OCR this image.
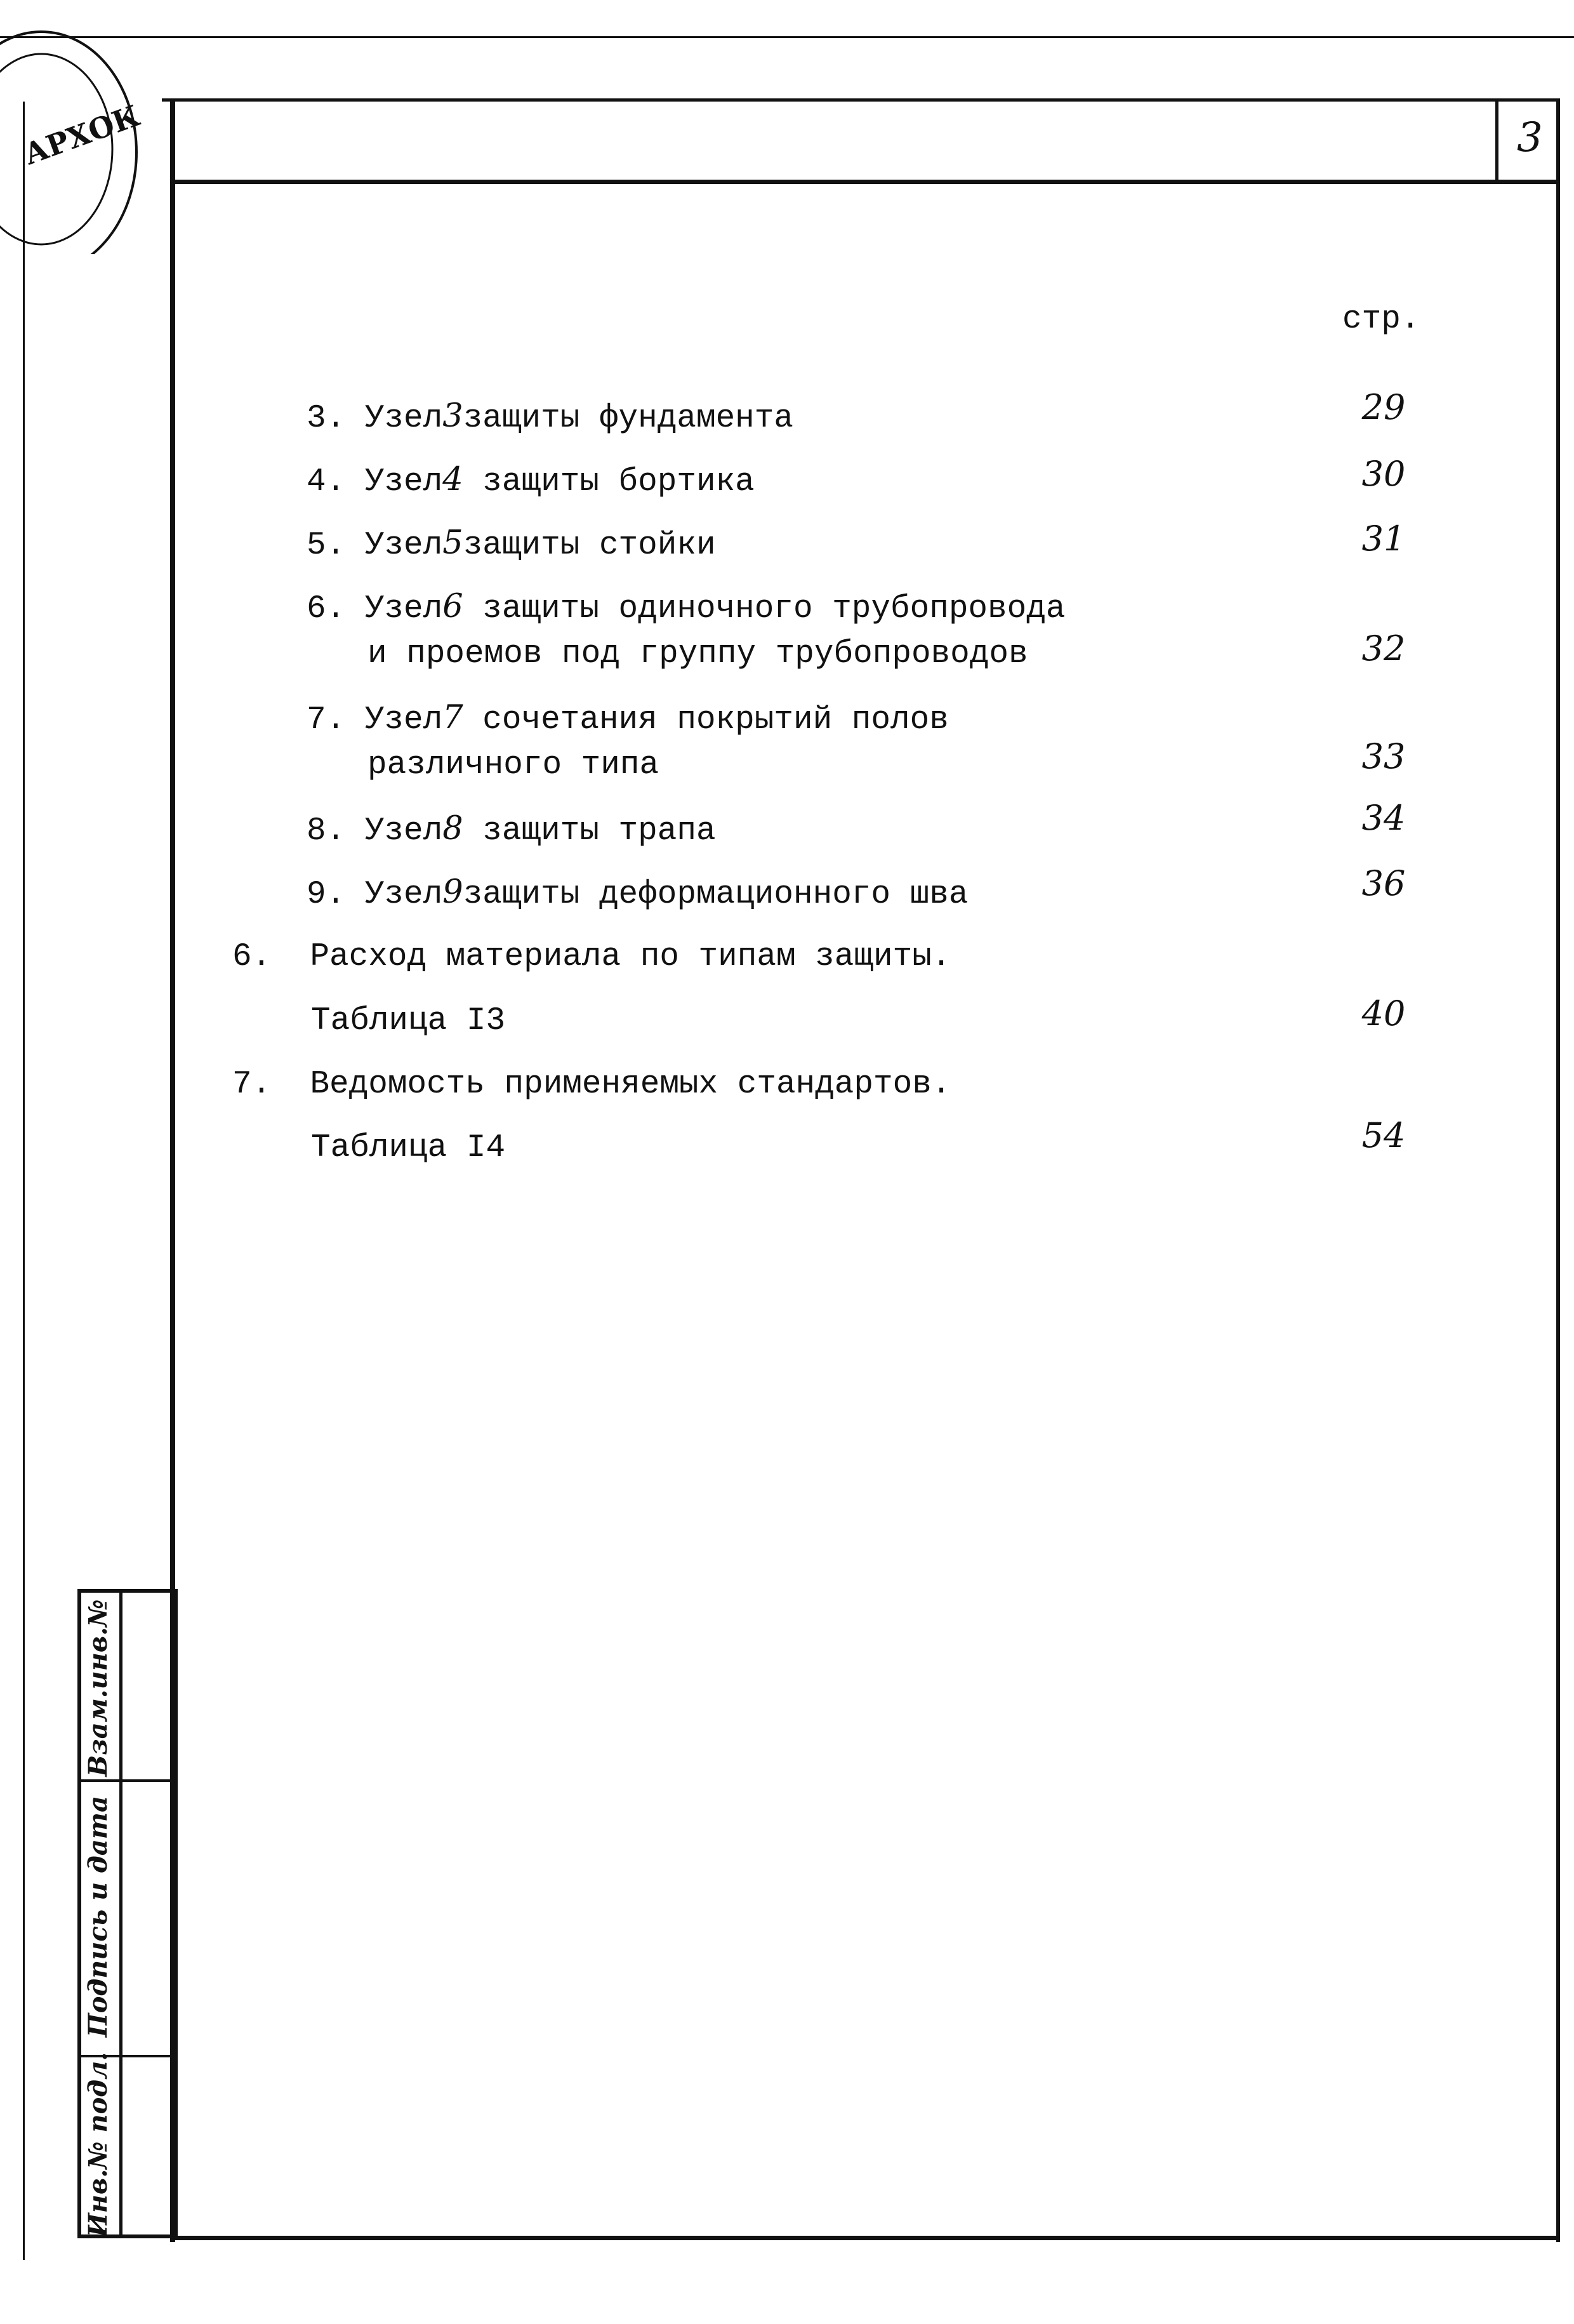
3
АРХОК
стр.
3. Узел3защиты фундамента	29
4. Узел4 защиты бортика	30
5. Узел5защиты стойки	31
6. Узел6 защиты одиночного трубопровода
и проемов под группу трубопроводов	32
7. Узел7 сочетания покрытий полов
различного типа	33
8. Узел8 защиты трапа	34
9. Узел9защиты деформационного шва	36
6. Расход материала по типам защиты.
Таблица I3	40
7. Ведомость применяемых стандартов.
Таблица I4	54
Взам.инв.№
Подпись и дата
Инв.№ подл.
